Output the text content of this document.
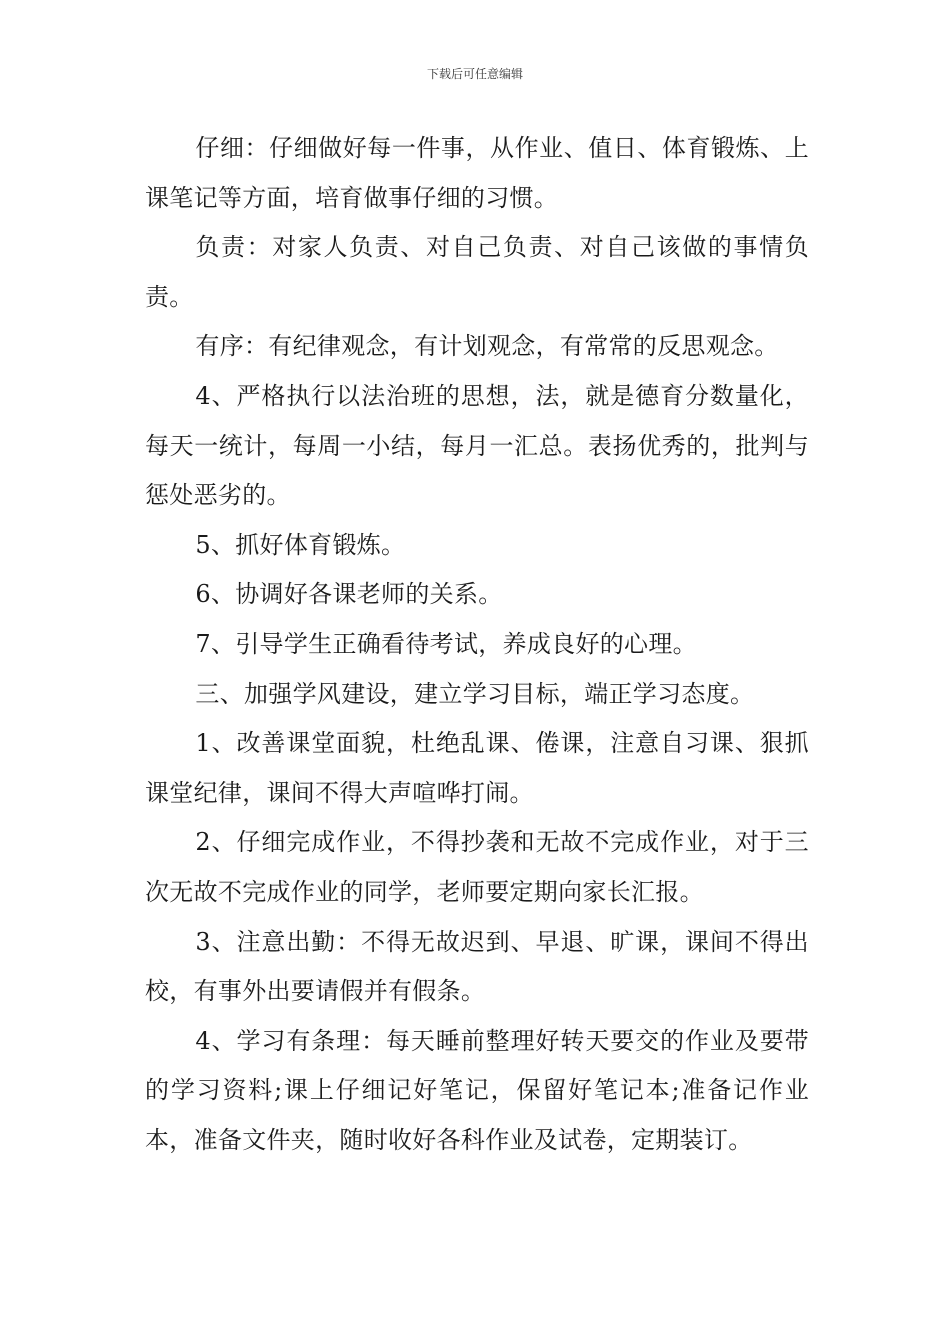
下载后可任意编辑

仔细：仔细做好每一件事，从作业、值日、体育锻炼、上课笔记等方面，培育做事仔细的习惯。

负责：对家人负责、对自己负责、对自己该做的事情负责。

有序：有纪律观念，有计划观念，有常常的反思观念。

4、严格执行以法治班的思想，法，就是德育分数量化，每天一统计，每周一小结，每月一汇总。表扬优秀的，批判与惩处恶劣的。

5、抓好体育锻炼。

6、协调好各课老师的关系。

7、引导学生正确看待考试，养成良好的心理。

三、加强学风建设，建立学习目标，端正学习态度。

1、改善课堂面貌，杜绝乱课、倦课，注意自习课、狠抓课堂纪律，课间不得大声喧哗打闹。

2、仔细完成作业，不得抄袭和无故不完成作业，对于三次无故不完成作业的同学，老师要定期向家长汇报。

3、注意出勤：不得无故迟到、早退、旷课，课间不得出校，有事外出要请假并有假条。

4、学习有条理：每天睡前整理好转天要交的作业及要带的学习资料;课上仔细记好笔记，保留好笔记本;准备记作业本，准备文件夹，随时收好各科作业及试卷，定期装订。
